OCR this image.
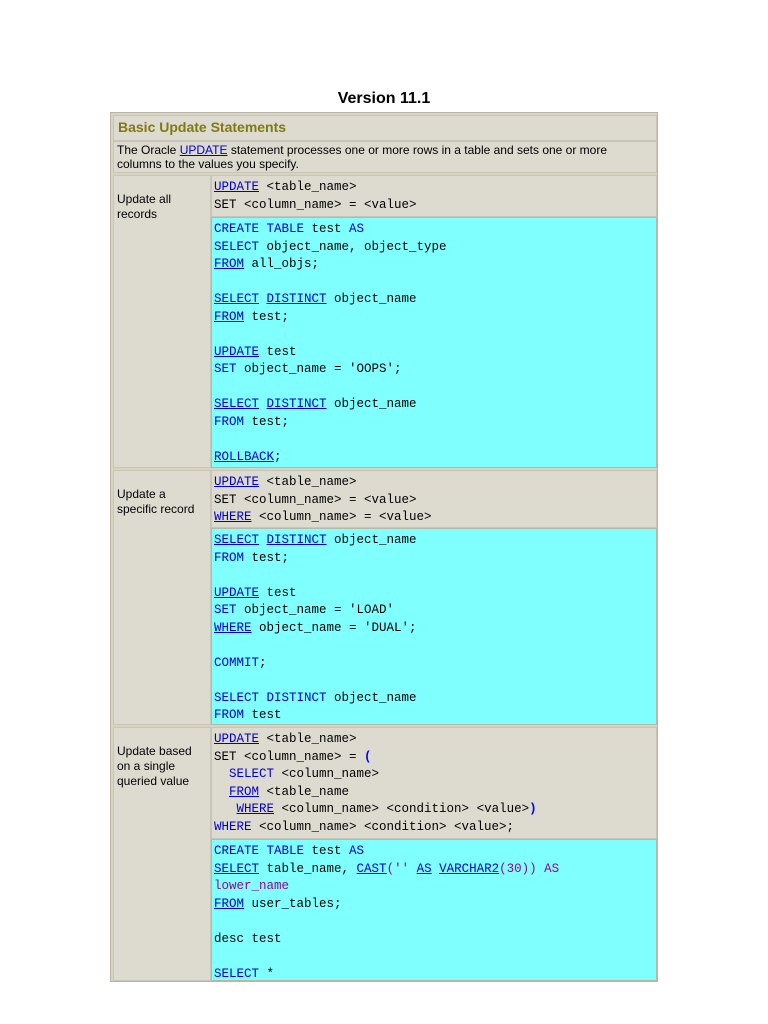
Version 11.1
Basic Update Statements
The Oracle UPDATE statement processes one or more rows in a table and sets one or more columns to the values you specify.
Update all records
UPDATE <table_name>
SET <column_name> = <value>
CREATE TABLE test AS
SELECT object_name, object_type
FROM all_objs;

SELECT DISTINCT object_name
FROM test;

UPDATE test
SET object_name = 'OOPS';

SELECT DISTINCT object_name
FROM test;

ROLLBACK;
Update a specific record
UPDATE <table_name>
SET <column_name> = <value>
WHERE <column_name> = <value>
SELECT DISTINCT object_name
FROM test;

UPDATE test
SET object_name = 'LOAD'
WHERE object_name = 'DUAL';

COMMIT;

SELECT DISTINCT object_name
FROM test
Update based on a single queried value
UPDATE <table_name>
SET <column_name> = (
SELECT <column_name>
FROM <table_name
WHERE <column_name> <condition> <value>)
WHERE <column_name> <condition> <value>;
CREATE TABLE test AS
SELECT table_name, CAST('' AS VARCHAR2(30)) AS
lower_name
FROM user_tables;

desc test

SELECT *
